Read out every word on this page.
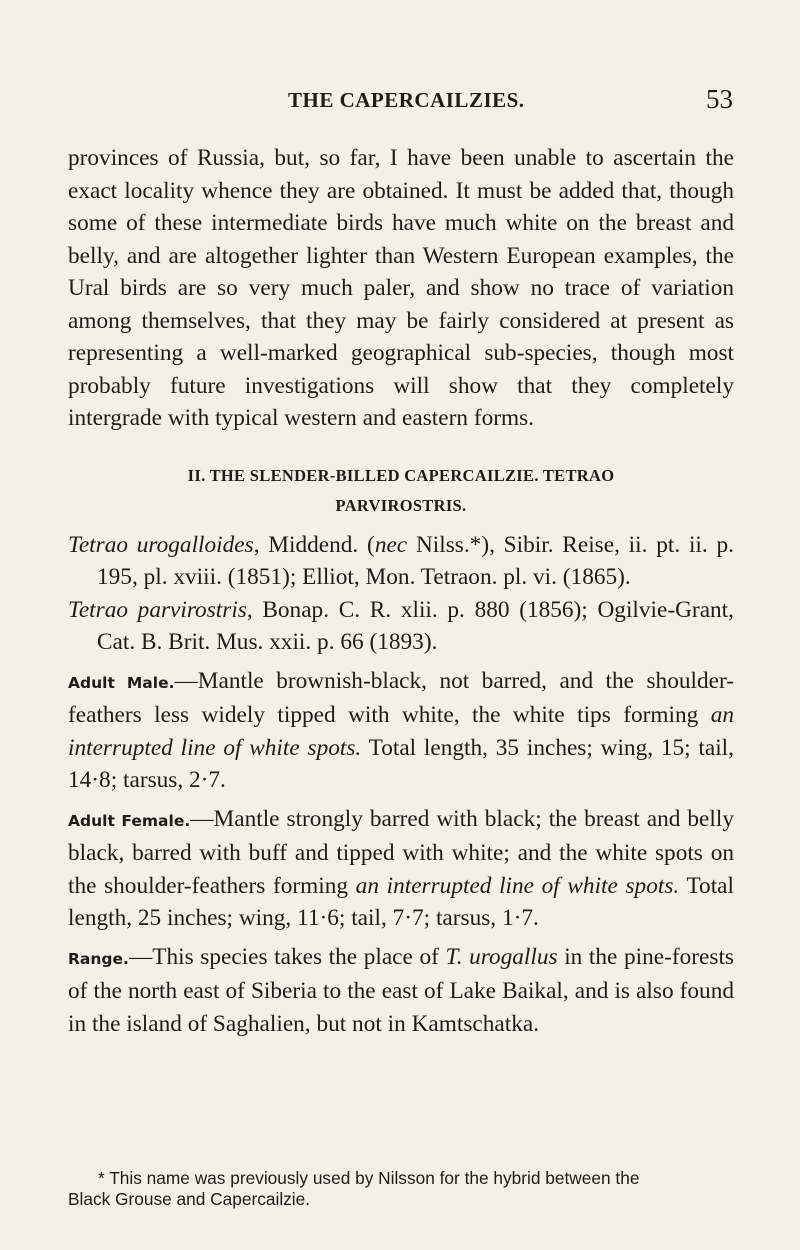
THE CAPERCAILZIES.	53

provinces of Russia, but, so far, I have been unable to ascertain the exact locality whence they are obtained. It must be added that, though some of these intermediate birds have much white on the breast and belly, and are altogether lighter than Western European examples, the Ural birds are so very much paler, and show no trace of variation among themselves, that they may be fairly considered at present as representing a well-marked geographical sub-species, though most probably future investigations will show that they completely intergrade with typical western and eastern forms.

II. THE SLENDER-BILLED CAPERCAILZIE. TETRAO
PARVIROSTRIS.

Tetrao urogalloides, Middend. (nec Nilss.*), Sibir. Reise, ii. pt. ii. p. 195, pl. xviii. (1851); Elliot, Mon. Tetraon. pl. vi. (1865).

Tetrao parvirostris, Bonap. C. R. xlii. p. 880 (1856); Ogilvie-Grant, Cat. B. Brit. Mus. xxii. p. 66 (1893).

Adult Male.—Mantle brownish-black, not barred, and the shoulder-feathers less widely tipped with white, the white tips forming an interrupted line of white spots. Total length, 35 inches; wing, 15; tail, 14·8; tarsus, 2·7.

Adult Female.—Mantle strongly barred with black; the breast and belly black, barred with buff and tipped with white; and the white spots on the shoulder-feathers forming an interrupted line of white spots. Total length, 25 inches; wing, 11·6; tail, 7·7; tarsus, 1·7.

Range.—This species takes the place of T. urogallus in the pine-forests of the north east of Siberia to the east of Lake Baikal, and is also found in the island of Saghalien, but not in Kamtschatka.

* This name was previously used by Nilsson for the hybrid between the
Black Grouse and Capercailzie.
